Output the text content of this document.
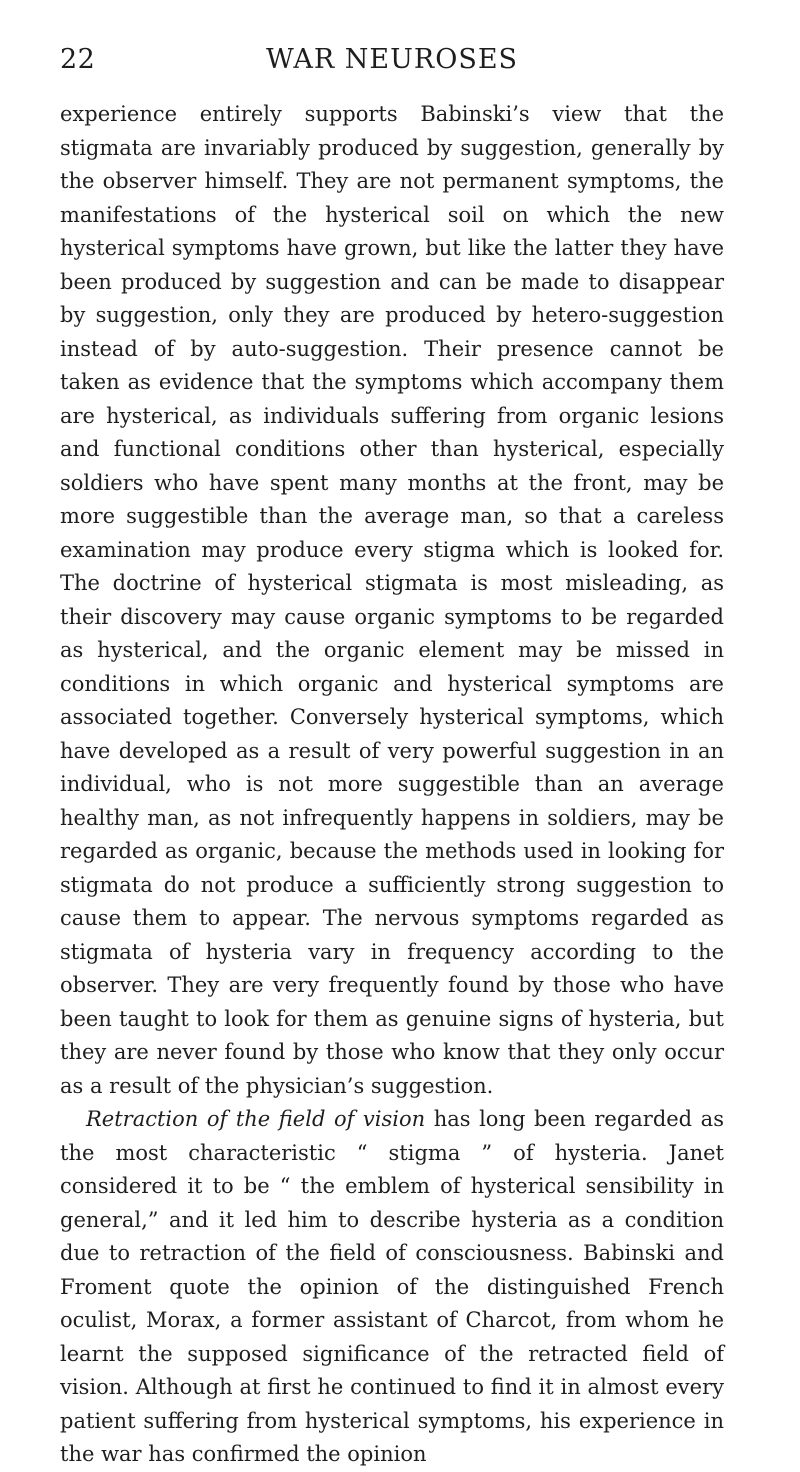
22	WAR NEUROSES

experience entirely supports Babinski’s view that the stigmata are invariably produced by suggestion, generally by the observer himself. They are not permanent symptoms, the manifestations of the hysterical soil on which the new hysterical symptoms have grown, but like the latter they have been produced by suggestion and can be made to disappear by suggestion, only they are produced by hetero-suggestion instead of by auto-suggestion. Their presence cannot be taken as evidence that the symptoms which accompany them are hysterical, as individuals suffering from organic lesions and functional conditions other than hysterical, especially soldiers who have spent many months at the front, may be more suggestible than the average man, so that a careless examination may produce every stigma which is looked for. The doctrine of hysterical stigmata is most misleading, as their discovery may cause organic symptoms to be regarded as hysterical, and the organic element may be missed in conditions in which organic and hysterical symptoms are associated together. Conversely hysterical symptoms, which have developed as a result of very powerful suggestion in an individual, who is not more suggestible than an average healthy man, as not infrequently happens in soldiers, may be regarded as organic, because the methods used in looking for stigmata do not produce a sufficiently strong suggestion to cause them to appear. The nervous symptoms regarded as stigmata of hysteria vary in frequency according to the observer. They are very frequently found by those who have been taught to look for them as genuine signs of hysteria, but they are never found by those who know that they only occur as a result of the physician’s suggestion.

Retraction of the field of vision has long been regarded as the most characteristic “ stigma ” of hysteria. Janet considered it to be “ the emblem of hysterical sensibility in general,” and it led him to describe hysteria as a condition due to retraction of the field of consciousness. Babinski and Froment quote the opinion of the distinguished French oculist, Morax, a former assistant of Charcot, from whom he learnt the supposed significance of the retracted field of vision. Although at first he continued to find it in almost every patient suffering from hysterical symptoms, his experience in the war has confirmed the opinion
